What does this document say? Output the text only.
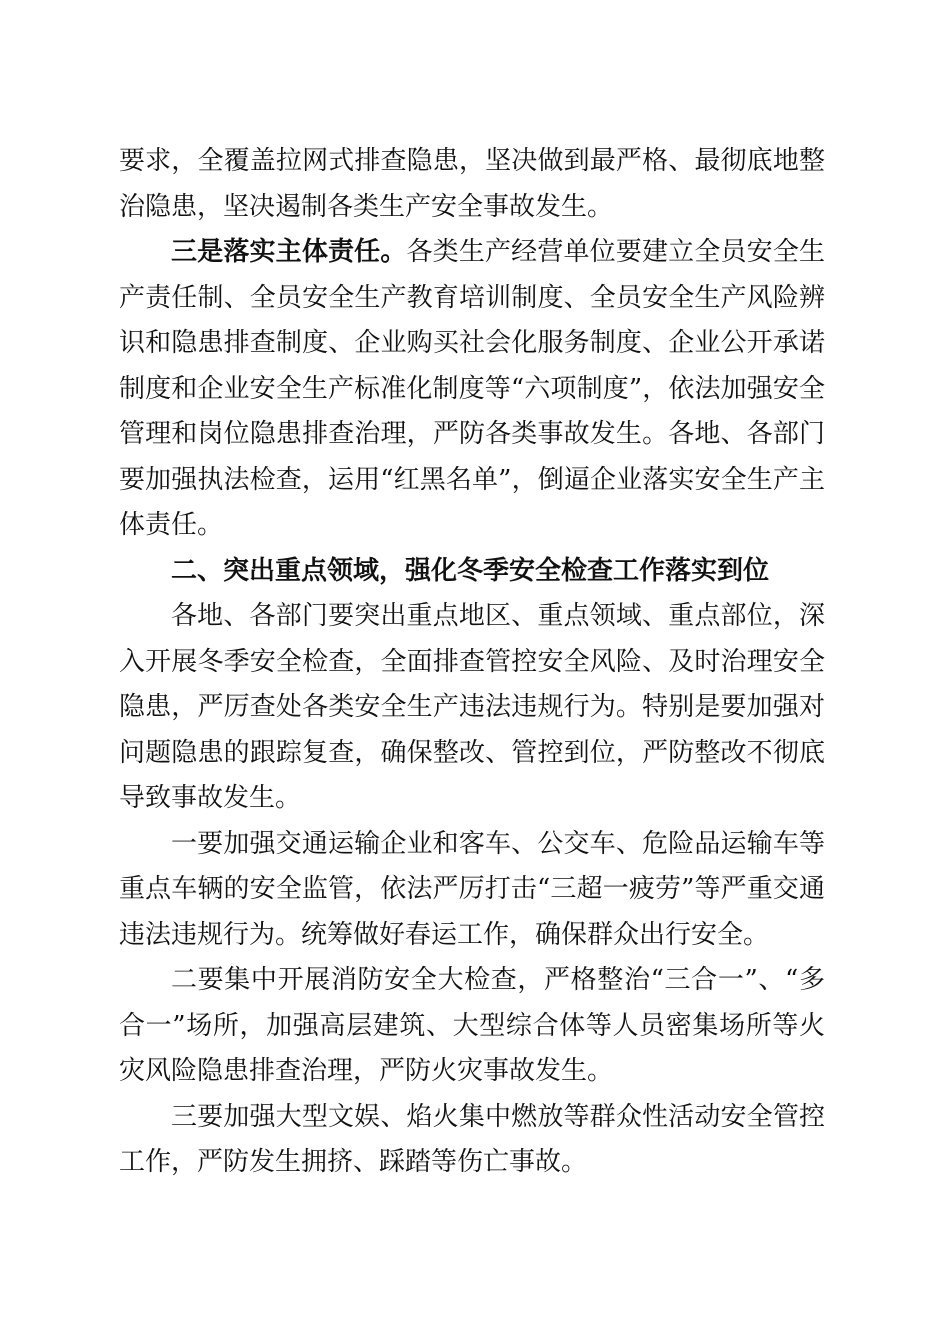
要求，全覆盖拉网式排查隐患，坚决做到最严格、最彻底地整治隐患，坚决遏制各类生产安全事故发生。

三是落实主体责任。各类生产经营单位要建立全员安全生产责任制、全员安全生产教育培训制度、全员安全生产风险辨识和隐患排查制度、企业购买社会化服务制度、企业公开承诺制度和企业安全生产标准化制度等“六项制度”，依法加强安全管理和岗位隐患排查治理，严防各类事故发生。各地、各部门要加强执法检查，运用“红黑名单”，倒逼企业落实安全生产主体责任。

二、突出重点领域，强化冬季安全检查工作落实到位

各地、各部门要突出重点地区、重点领域、重点部位，深入开展冬季安全检查，全面排查管控安全风险、及时治理安全隐患，严厉查处各类安全生产违法违规行为。特别是要加强对问题隐患的跟踪复查，确保整改、管控到位，严防整改不彻底导致事故发生。

一要加强交通运输企业和客车、公交车、危险品运输车等重点车辆的安全监管，依法严厉打击“三超一疲劳”等严重交通违法违规行为。统筹做好春运工作，确保群众出行安全。

二要集中开展消防安全大检查，严格整治“三合一”、“多合一”场所，加强高层建筑、大型综合体等人员密集场所等火灾风险隐患排查治理，严防火灾事故发生。

三要加强大型文娱、焰火集中燃放等群众性活动安全管控工作，严防发生拥挤、踩踏等伤亡事故。
